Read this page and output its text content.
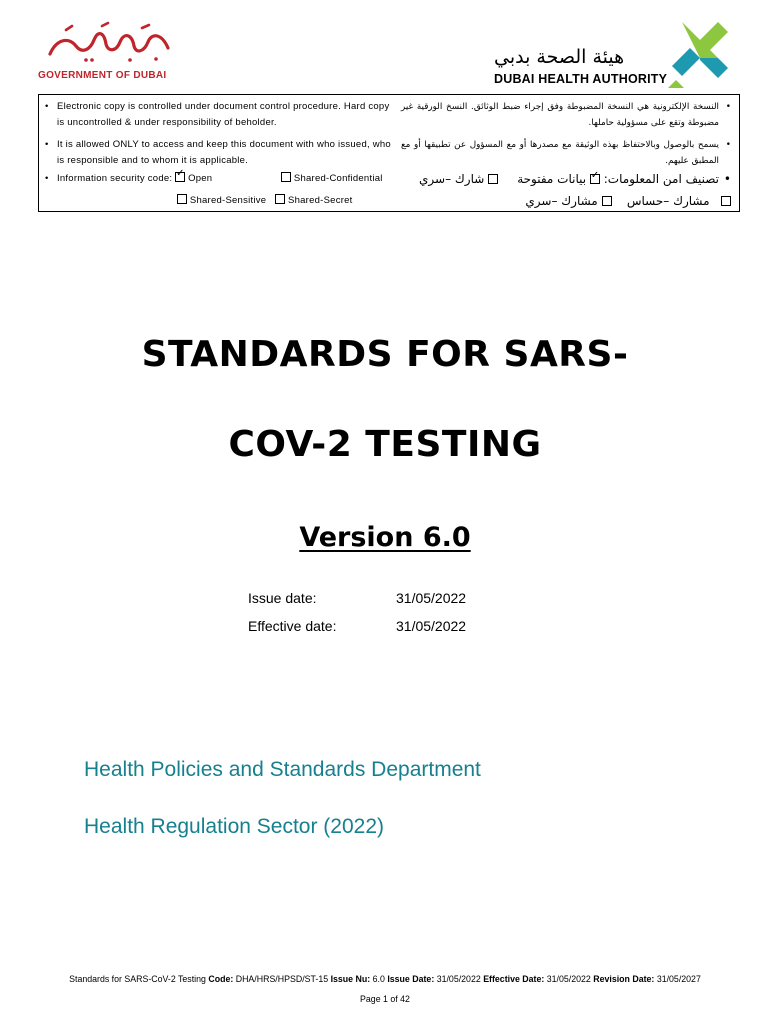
GOVERNMENT OF DUBAI
هيئة الصحة بدبي
DUBAI HEALTH AUTHORITY
• Electronic copy is controlled under document control procedure. Hard copy is uncontrolled & under responsibility of beholder.
• It is allowed ONLY to access and keep this document with who issued, who is responsible and to whom it is applicable.
• Information security code: ✓ Open	Shared-Confidential
Shared-Sensitive Shared-Secret
•
النسخة الإلكترونية هي النسخة المضبوطة وفق إجراء ضبط الوثائق. النسخ الورقية غير مضبوطة وتقع على مسؤولية حاملها.
•
يسمح بالوصول وبالاحتفاظ بهذه الوثيقة مع مصدرها أو مع المسؤول عن تطبيقها أو مع المطبق عليهم.
•
تصنيف امن المعلومات: ✓ بيانات مفتوحة      شارك –سري
مشارك –حساس     مشارك –سري
STANDARDS FOR SARS-
COV-2 TESTING
Version 6.0
Issue date:	31/05/2022
Effective date:	31/05/2022
Health Policies and Standards Department
Health Regulation Sector (2022)
Standards for SARS-CoV-2 Testing Code: DHA/HRS/HPSD/ST-15 Issue Nu: 6.0 Issue Date: 31/05/2022 Effective Date: 31/05/2022 Revision Date: 31/05/2027
Page 1 of 42
